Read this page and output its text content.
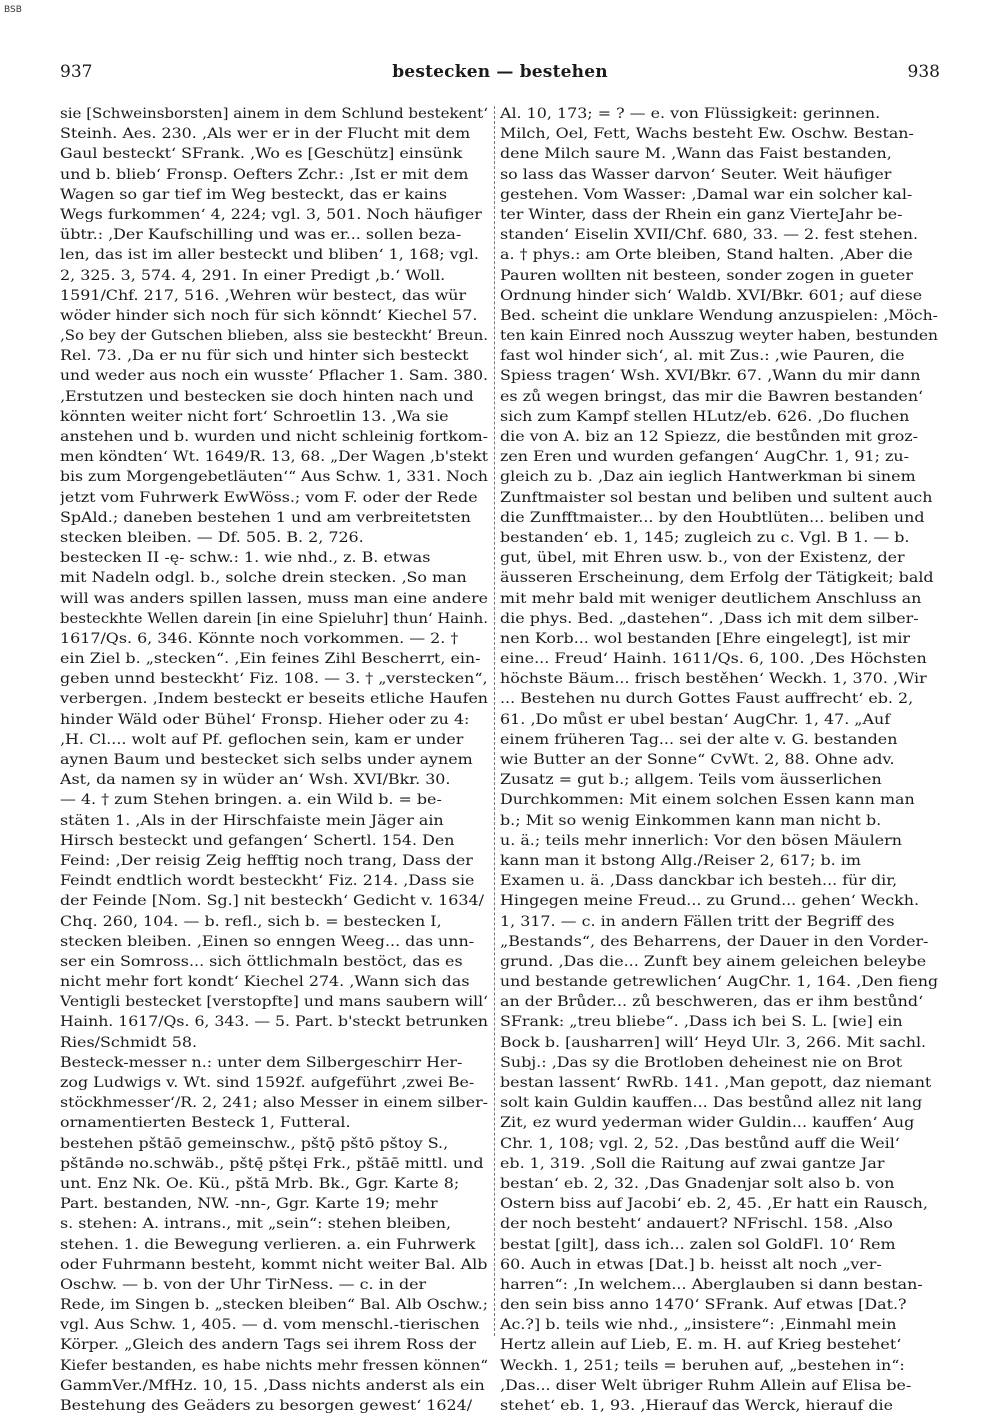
BSB
937	bestecken — bestehen	938
sie [Schweinsborsten] ainem in dem Schlund bestekent‘
Steinh. Aes. 230. ‚Als wer er in der Flucht mit dem
Gaul besteckt‘ SFrank. ‚Wo es [Geschütz] einsünk
und b. blieb‘ Fronsp. Oefters Zchr.: ‚Ist er mit dem
Wagen so gar tief im Weg besteckt, das er kains
Wegs furkommen‘ 4, 224; vgl. 3, 501. Noch häufiger
übtr.: ‚Der Kaufschilling und was er... sollen beza-
len, das ist im aller besteckt und bliben‘ 1, 168; vgl.
2, 325. 3, 574. 4, 291. In einer Predigt ‚b.‘ Woll.
1591/Chf. 217, 516. ‚Wehren wür bestect, das wür
wöder hinder sich noch für sich könndt‘ Kiechel 57.
‚So bey der Gutschen blieben, alss sie besteckht‘ Breun.
Rel. 73. ‚Da er nu für sich und hinter sich besteckt
und weder aus noch ein wusste‘ Pflacher 1. Sam. 380.
‚Erstutzen und bestecken sie doch hinten nach und
könnten weiter nicht fort‘ Schroetlin 13. ‚Wa sie
anstehen und b. wurden und nicht schleinig fortkom-
men köndten‘ Wt. 1649/R. 13, 68. „Der Wagen ‚b'stekt
bis zum Morgengebetläuten‘“ Aus Schw. 1, 331. Noch
jetzt vom Fuhrwerk EwWöss.; vom F. oder der Rede
SpAld.; daneben bestehen 1 und am verbreitetsten
stecken bleiben. — Df. 505. B. 2, 726.
bestecken II -ę- schw.: 1. wie nhd., z. B. etwas
mit Nadeln odgl. b., solche drein stecken. ‚So man
will was anders spillen lassen, muss man eine andere
besteckhte Wellen darein [in eine Spieluhr] thun‘ Hainh.
1617/Qs. 6, 346. Könnte noch vorkommen. — 2. †
ein Ziel b. „stecken“. ‚Ein feines Zihl Bescherrt, ein-
geben unnd besteckht‘ Fiz. 108. — 3. † „verstecken“,
verbergen. ‚Indem besteckt er beseits etliche Haufen
hinder Wäld oder Bühel‘ Fronsp. Hieher oder zu 4:
‚H. Cl.... wolt auf Pf. geflochen sein, kam er under
aynen Baum und bestecket sich selbs under aynem
Ast, da namen sy in wüder an‘ Wsh. XVI/Bkr. 30.
— 4. † zum Stehen bringen. a. ein Wild b. = be-
stäten 1. ‚Als in der Hirschfaiste mein Jäger ain
Hirsch besteckt und gefangen‘ Schertl. 154. Den
Feind: ‚Der reisig Zeig hefftig noch trang, Dass der
Feindt endtlich wordt besteckht‘ Fiz. 214. ‚Dass sie
der Feinde [Nom. Sg.] nit besteckh‘ Gedicht v. 1634/
Chq. 260, 104. — b. refl., sich b. = bestecken I,
stecken bleiben. ‚Einen so enngen Weeg... das unn-
ser ein Somross... sich öttlichmaln bestöct, das es
nicht mehr fort kondt‘ Kiechel 274. ‚Wann sich das
Ventigli bestecket [verstopfte] und mans saubern will‘
Hainh. 1617/Qs. 6, 343. — 5. Part. b'steckt betrunken
Ries/Schmidt 58.
Besteck-messer n.: unter dem Silbergeschirr Her-
zog Ludwigs v. Wt. sind 1592f. aufgeführt ‚zwei Be-
stöckhmesser‘/R. 2, 241; also Messer in einem silber-
ornamentierten Besteck 1, Futteral.
bestehen pštāō gemeinschw., pštǭ pštō pštoy S.,
pštāndə no.schwäb., pštę̄ pštęi Frk., pštāē mittl. und
unt. Enz Nk. Oe. Kü., pštā Mrb. Bk., Ggr. Karte 8;
Part. bestanden, NW. -nn-, Ggr. Karte 19; mehr
s. stehen: A. intrans., mit „sein“: stehen bleiben,
stehen. 1. die Bewegung verlieren. a. ein Fuhrwerk
oder Fuhrmann besteht, kommt nicht weiter Bal. Alb
Oschw. — b. von der Uhr TirNess. — c. in der
Rede, im Singen b. „stecken bleiben“ Bal. Alb Oschw.;
vgl. Aus Schw. 1, 405. — d. vom menschl.-tierischen
Körper. „Gleich des andern Tags sei ihrem Ross der
Kiefer bestanden, es habe nichts mehr fressen können“
GammVer./MfHz. 10, 15. ‚Dass nichts anderst als ein
Bestehung des Geäders zu besorgen gewest‘ 1624/
Al. 10, 173; = ? — e. von Flüssigkeit: gerinnen.
Milch, Oel, Fett, Wachs besteht Ew. Oschw. Bestan-
dene Milch saure M. ‚Wann das Faist bestanden,
so lass das Wasser darvon‘ Seuter. Weit häufiger
gestehen. Vom Wasser: ‚Damal war ein solcher kal-
ter Winter, dass der Rhein ein ganz VierteJahr be-
standen‘ Eiselin XVII/Chf. 680, 33. — 2. fest stehen.
a. † phys.: am Orte bleiben, Stand halten. ‚Aber die
Pauren wollten nit besteen, sonder zogen in gueter
Ordnung hinder sich‘ Waldb. XVI/Bkr. 601; auf diese
Bed. scheint die unklare Wendung anzuspielen: ‚Möch-
ten kain Einred noch Ausszug weyter haben, bestunden
fast wol hinder sich‘, al. mit Zus.: ‚wie Pauren, die
Spiess tragen‘ Wsh. XVI/Bkr. 67. ‚Wann du mir dann
es zů wegen bringst, das mir die Bawren bestanden‘
sich zum Kampf stellen HLutz/eb. 626. ‚Do fluchen
die von A. biz an 12 Spiezz, die bestůnden mit groz-
zen Eren und wurden gefangen‘ AugChr. 1, 91; zu-
gleich zu b. ‚Daz ain ieglich Hantwerkman bi sinem
Zunftmaister sol bestan und beliben und sultent auch
die Zunfftmaister... by den Houbtlüten... beliben und
bestanden‘ eb. 1, 145; zugleich zu c. Vgl. B 1. — b.
gut, übel, mit Ehren usw. b., von der Existenz, der
äusseren Erscheinung, dem Erfolg der Tätigkeit; bald
mit mehr bald mit weniger deutlichem Anschluss an
die phys. Bed. „dastehen“. ‚Dass ich mit dem silber-
nen Korb... wol bestanden [Ehre eingelegt], ist mir
eine... Freud‘ Hainh. 1611/Qs. 6, 100. ‚Des Höchsten
höchste Bäum... frisch bestěhen‘ Weckh. 1, 370. ‚Wir
... Bestehen nu durch Gottes Faust auffrecht‘ eb. 2,
61. ‚Do můst er ubel bestan‘ AugChr. 1, 47. „Auf
einem früheren Tag... sei der alte v. G. bestanden
wie Butter an der Sonne“ CvWt. 2, 88. Ohne adv.
Zusatz = gut b.; allgem. Teils vom äusserlichen
Durchkommen: Mit einem solchen Essen kann man
b.; Mit so wenig Einkommen kann man nicht b.
u. ä.; teils mehr innerlich: Vor den bösen Mäulern
kann man it bstong Allg./Reiser 2, 617; b. im
Examen u. ä. ‚Dass danckbar ich besteh... für dir,
Hingegen meine Freud... zu Grund... gehen‘ Weckh.
1, 317. — c. in andern Fällen tritt der Begriff des
„Bestands“, des Beharrens, der Dauer in den Vorder-
grund. ‚Das die... Zunft bey ainem geleichen beleybe
und bestande getrewlichen‘ AugChr. 1, 164. ‚Den fieng
an der Brůder... zů beschweren, das er ihm bestůnd‘
SFrank: „treu bliebe“. ‚Dass ich bei S. L. [wie] ein
Bock b. [ausharren] will‘ Heyd Ulr. 3, 266. Mit sachl.
Subj.: ‚Das sy die Brotloben deheinest nie on Brot
bestan lassent‘ RwRb. 141. ‚Man gepott, daz niemant
solt kain Guldin kauffen... Das bestůnd allez nit lang
Zit, ez wurd yederman wider Guldin... kauffen‘ Aug
Chr. 1, 108; vgl. 2, 52. ‚Das bestůnd auff die Weil‘
eb. 1, 319. ‚Soll die Raitung auf zwai gantze Jar
bestan‘ eb. 2, 32. ‚Das Gnadenjar solt also b. von
Ostern biss auf Jacobi‘ eb. 2, 45. ‚Er hatt ein Rausch,
der noch besteht‘ andauert? NFrischl. 158. ‚Also
bestat [gilt], dass ich... zalen sol GoldFl. 10‘ Rem
60. Auch in etwas [Dat.] b. heisst alt noch „ver-
harren“: ‚In welchem... Aberglauben si dann bestan-
den sein biss anno 1470‘ SFrank. Auf etwas [Dat.?
Ac.?] b. teils wie nhd., „insistere“: ‚Einmahl mein
Hertz allein auf Lieb, E. m. H. auf Krieg bestehet‘
Weckh. 1, 251; teils = beruhen auf, „bestehen in“:
‚Das... diser Welt übriger Ruhm Allein auf Elisa be-
stehet‘ eb. 1, 93. ‚Hierauf das Werck, hierauf die
